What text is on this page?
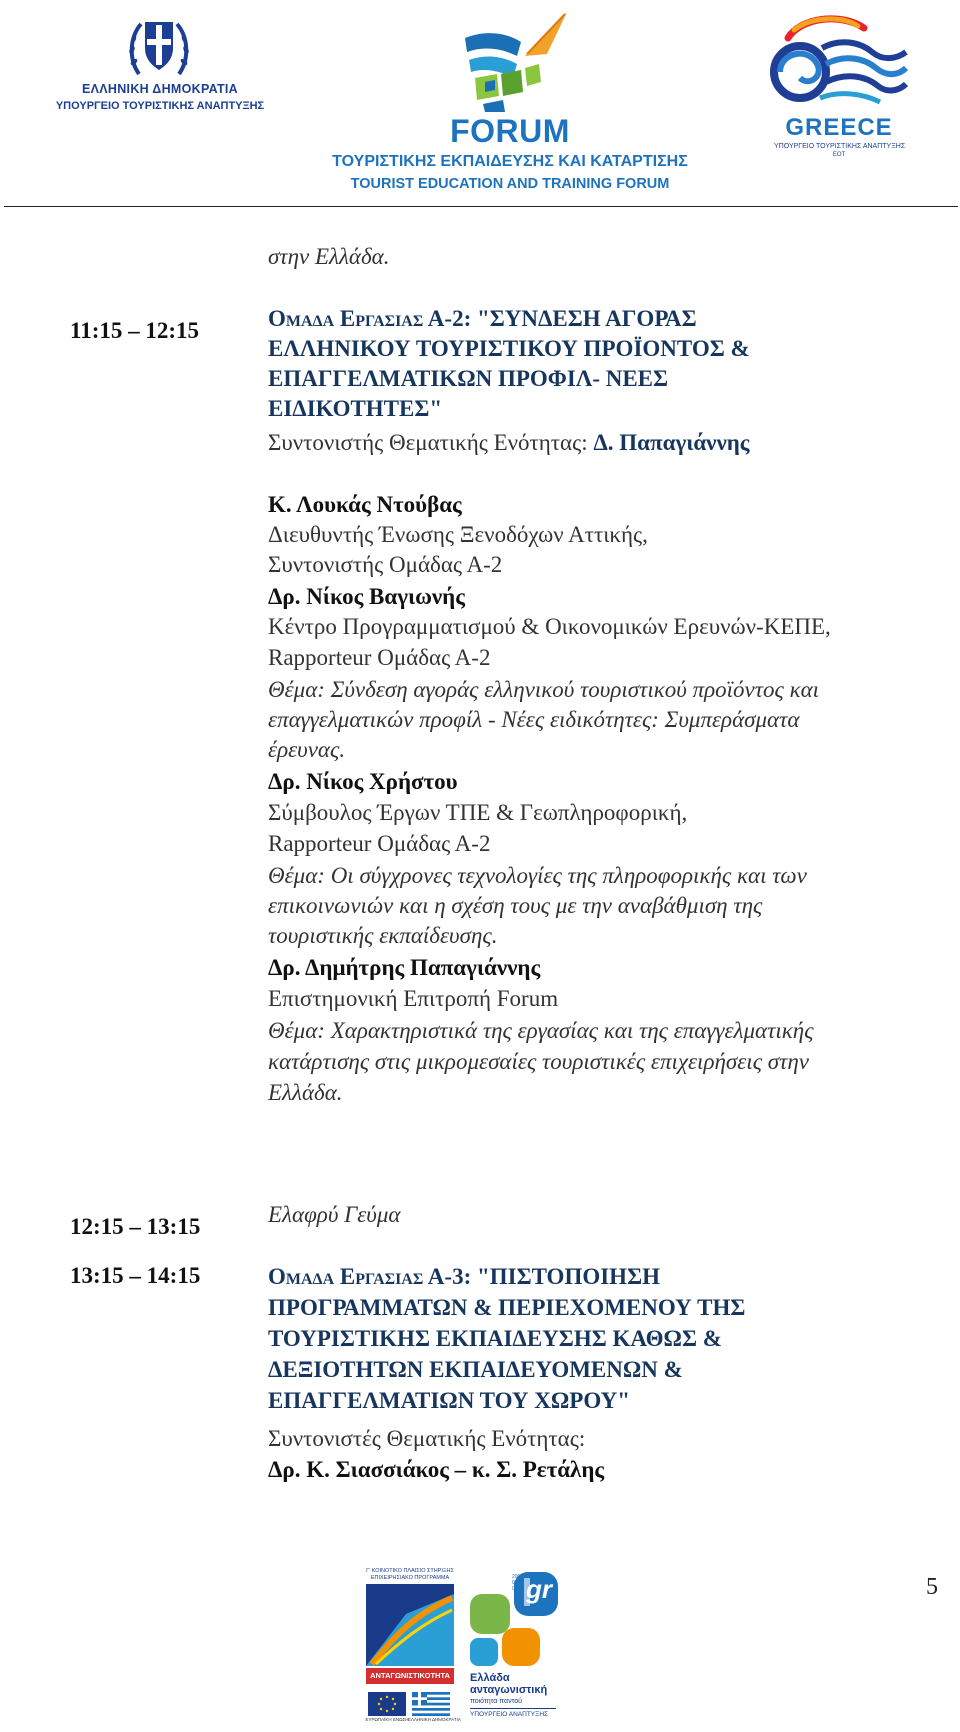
ΕΛΛΗΝΙΚΗ ΔΗΜΟΚΡΑΤΙΑ
ΥΠΟΥΡΓΕΙΟ ΤΟΥΡΙΣΤΙΚΗΣ ΑΝΑΠΤΥΞΗΣ
FORUM
ΤΟΥΡΙΣΤΙΚΗΣ ΕΚΠΑΙΔΕΥΣΗΣ ΚΑΙ ΚΑΤΑΡΤΙΣΗΣ
TOURIST EDUCATION AND TRAINING FORUM
GREECE
ΥΠΟΥΡΓΕΙΟ ΤΟΥΡΙΣΤΙΚΗΣ ΑΝΑΠΤΥΞΗΣ
ΕΟΤ
στην Ελλάδα.
11:15 – 12:15	Ομαδα Εργασιας Α-2: "ΣΥΝΔΕΣΗ ΑΓΟΡΑΣ
ΕΛΛΗΝΙΚΟΥ ΤΟΥΡΙΣΤΙΚΟΥ ΠΡΟΪΟΝΤΟΣ &
ΕΠΑΓΓΕΛΜΑΤΙΚΩΝ ΠΡΟΦΙΛ- ΝΕΕΣ
ΕΙΔΙΚΟΤΗΤΕΣ"
Συντονιστής Θεματικής Ενότητας: Δ. Παπαγιάννης
Κ. Λουκάς Ντούβας
Διευθυντής Ένωσης Ξενοδόχων Αττικής,
Συντονιστής Ομάδας Α-2
Δρ. Νίκος Βαγιωνής
Κέντρο Προγραμματισμού & Οικονομικών Ερευνών-ΚΕΠΕ,
Rapporteur Ομάδας Α-2
Θέμα: Σύνδεση αγοράς ελληνικού τουριστικού προϊόντος και
επαγγελματικών προφίλ - Νέες ειδικότητες: Συμπεράσματα
έρευνας.
Δρ. Νίκος Χρήστου
Σύμβουλος Έργων ΤΠΕ & Γεωπληροφορική,
Rapporteur Ομάδας Α-2
Θέμα: Οι σύγχρονες τεχνολογίες της πληροφορικής και των
επικοινωνιών και η σχέση τους με την αναβάθμιση της
τουριστικής εκπαίδευσης.
Δρ. Δημήτρης Παπαγιάννης
Επιστημονική Επιτροπή Forum
Θέμα: Χαρακτηριστικά της εργασίας και της επαγγελματικής
κατάρτισης στις μικρομεσαίες τουριστικές επιχειρήσεις στην
Ελλάδα.
12:15 – 13:15	Ελαφρύ Γεύμα
13:15 – 14:15	Ομαδα Εργασιας Α-3: "ΠΙΣΤΟΠΟΙΗΣΗ
ΠΡΟΓΡΑΜΜΑΤΩΝ & ΠΕΡΙΕΧΟΜΕΝΟΥ ΤΗΣ
ΤΟΥΡΙΣΤΙΚΗΣ ΕΚΠΑΙΔΕΥΣΗΣ ΚΑΘΩΣ &
ΔΕΞΙΟΤΗΤΩΝ ΕΚΠΑΙΔΕΥΟΜΕΝΩΝ &
ΕΠΑΓΓΕΛΜΑΤΙΩΝ ΤΟΥ ΧΩΡΟΥ"
Συντονιστές Θεματικής Ενότητας:
Δρ. Κ. Σιασσιάκος – κ. Σ. Ρετάλης
5
Γ' ΚΟΙΝΟΤΙΚΟ ΠΛΑΙΣΙΟ ΣΤΗΡΙΞΗΣ
ΕΠΙΧΕΙΡΗΣΙΑΚΟ ΠΡΟΓΡΑΜΜΑ
ΑΝΤΑΓΩΝΙΣΤΙΚΟΤΗΤΑ
ΕΥΡΩΠΑΪΚΗ ΕΝΩΣΗ ΕΛΛΗΝΙΚΗ ΔΗΜΟΚΡΑΤΙΑ
gr
2000 2006
Ελλάδα
ανταγωνιστική
ποιότητα παντού
ΥΠΟΥΡΓΕΙΟ ΑΝΑΠΤΥΞΗΣ
